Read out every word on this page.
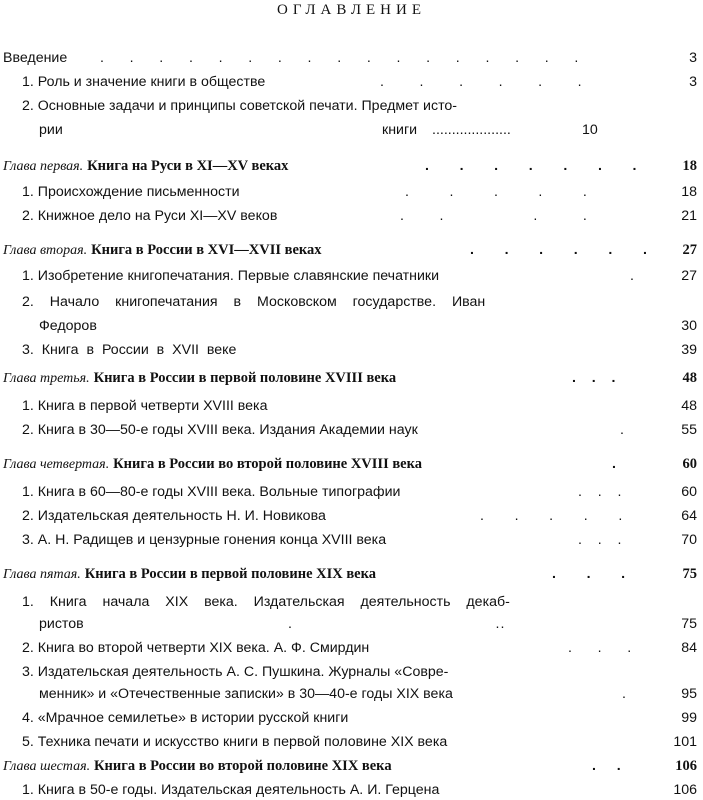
ОГЛАВЛЕНИЕ
Введение .     .     .     .     .     .     .     .     .     .     .     .     .     .     .     .     .	3
1. Роль и значение книги в обществе	.       .       .       .       .       .	3
2. Основные задачи и принципы советской печати. Предмет исто-
рии	книги ....................	10
Глава первая. Книга на Руси в XI—XV веках	.      .      .      .      .      .      .	18
1. Происхождение письменности	.        .        .        .        .	18
2. Книжное дело на Руси XI—XV веков	.       .                  .         .	21
Глава вторая. Книга в России в XVI—XVII веках	.      .      .      .      .      . 27
1. Изобретение книгопечатания. Первые славянские печатники	.	27
2. Начало книгопечатания в Московском государстве. Иван
Федоров	30
3. Книга в России в XVII веке	39
Глава третья. Книга в России в первой половине XVIII века	.   .   .	48
1. Книга в первой четверти XVIII века	48
2. Книга в 30—50-е годы XVIII века. Издания Академии наук	.	55
Глава четвертая. Книга в России во второй половине XVIII века	.	60
1. Книга в 60—80-е годы XVIII века. Вольные типографии	.   .   .	60
2. Издательская деятельность Н. И. Новикова	.      .      .      .      .	64
3. А. Н. Радищев и цензурные гонения конца XVIII века	.   .   .	70
Глава пятая. Книга в России в первой половине XIX века	.      .      .	75
1. Книга начала XIX века. Издательская деятельность декаб-
ристов	.                                         ..	75
2. Книга во второй четверти XIX века. А. Ф. Смирдин	.     .     .	84
3. Издательская деятельность А. С. Пушкина. Журналы «Совре-
менник» и «Отечественные записки» в 30—40-е годы XIX века	.	95
4. «Мрачное семилетье» в истории русской книги	99
5. Техника печати и искусство книги в первой половине XIX века	101
Глава шестая. Книга в России во второй половине XIX века	.    .	106
1. Книга в 50-е годы. Издательская деятельность А. И. Герцена	106
